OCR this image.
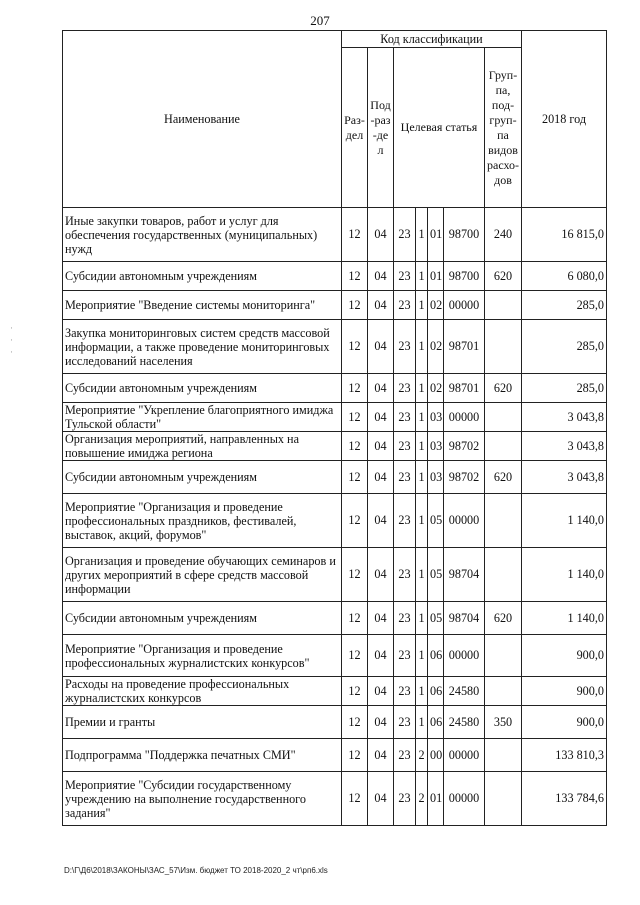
207
·
·
·
Наименование	Код классификации							2018 год
	Раз-дел	Под-раз-дел	Целевая статья				Груп-па, под-груп-па видов расхо-дов	
Иные закупки товаров, работ и услуг для обеспечения государственных (муниципальных) нужд	12	04	23	1	01	98700	240	16 815,0
Субсидии автономным учреждениям	12	04	23	1	01	98700	620	6 080,0
Мероприятие "Введение системы мониторинга"	12	04	23	1	02	00000		285,0
Закупка мониторинговых систем средств массовой информации, а также проведение мониторинговых исследований населения	12	04	23	1	02	98701		285,0
Субсидии автономным учреждениям	12	04	23	1	02	98701	620	285,0
Мероприятие "Укрепление благоприятного имиджа Тульской области"	12	04	23	1	03	00000		3 043,8
Организация мероприятий, направленных на повышение имиджа региона	12	04	23	1	03	98702		3 043,8
Субсидии автономным учреждениям	12	04	23	1	03	98702	620	3 043,8
Мероприятие "Организация и проведение профессиональных праздников, фестивалей, выставок, акций, форумов"	12	04	23	1	05	00000		1 140,0
Организация и проведение обучающих семинаров и других мероприятий в сфере средств массовой информации	12	04	23	1	05	98704		1 140,0
Субсидии автономным учреждениям	12	04	23	1	05	98704	620	1 140,0
Мероприятие "Организация и проведение профессиональных журналистских конкурсов"	12	04	23	1	06	00000		900,0
Расходы на проведение профессиональных журналистских конкурсов	12	04	23	1	06	24580		900,0
Премии и гранты	12	04	23	1	06	24580	350	900,0
Подпрограмма "Поддержка печатных СМИ"	12	04	23	2	00	00000		133 810,3
Мероприятие "Субсидии государственному учреждению на выполнение государственного задания"	12	04	23	2	01	00000		133 784,6
D:\Г\Д6\2018\ЗАКОНЫ\ЗАС_57\Изм. бюджет ТО 2018-2020_2 чт\рп6.xls
